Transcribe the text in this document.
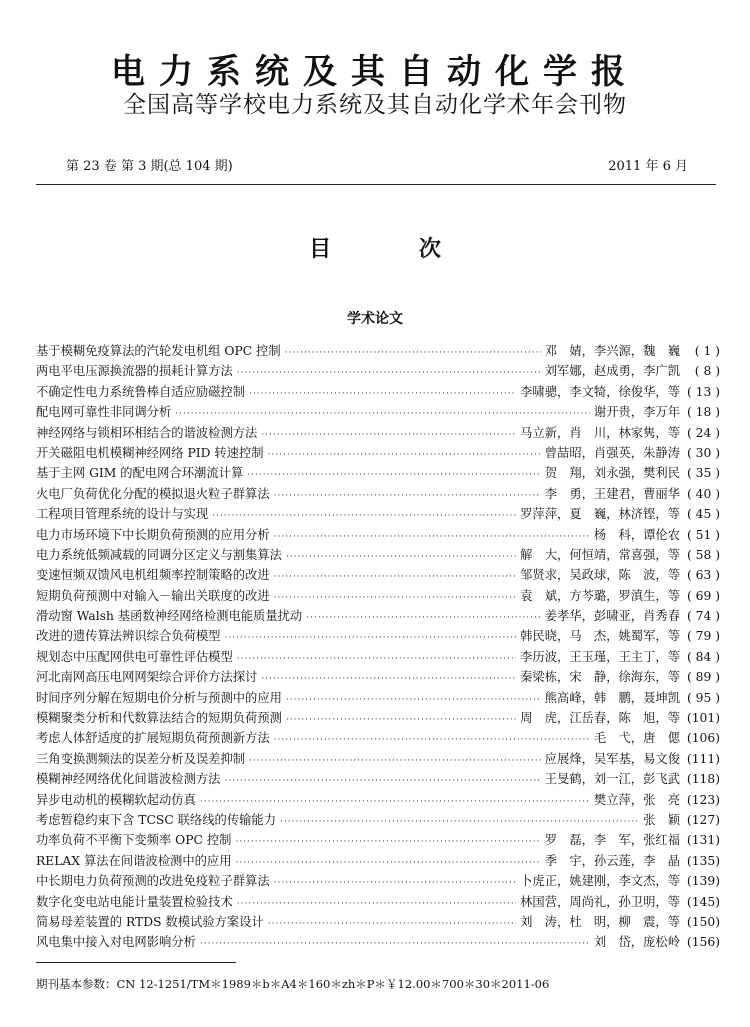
电力系统及其自动化学报
全国高等学校电力系统及其自动化学术年会刊物
第 23 卷 第 3 期(总 104 期)	2011 年 6 月
目 次
学术论文
基于模糊免疫算法的汽轮发电机组 OPC 控制 ·····	邓　婧，李兴源，魏　巍	( 1 )
两电平电压源换流器的损耗计算方法 ·····	刘军娜，赵成勇，李广凯	( 8 )
不确定性电力系统鲁棒自适应励磁控制 ·····	李啸骢，李文犄，徐俊华，等 ( 13 )
配电网可靠性非同调分析 ·····	谢开贵，李万年 ( 18 )
神经网络与锁相环相结合的谐波检测方法 ·····	马立新，肖　川，林家隽，等 ( 24 )
开关磁阻电机模糊神经网络 PID 转速控制 ·····	曾喆昭，肖强英，朱静涛 ( 30 )
基于主网 GIM 的配电网合环潮流计算 ·····	贺　翔，刘永强，樊利民 ( 35 )
火电厂负荷优化分配的模拟退火粒子群算法 ·····	李　勇，王建君，曹丽华 ( 40 )
工程项目管理系统的设计与实现 ·····	罗萍萍，夏　巍，林济铿，等 ( 45 )
电力市场环境下中长期负荷预测的应用分析 ·····	杨　科，谭伦农 ( 51 )
电力系统低频减载的同调分区定义与割集算法 ·····	解　大，何恒靖，常喜强，等 ( 58 )
变速恒频双馈风电机组频率控制策略的改进 ·····	邹贤求，吴政球，陈　波，等 ( 63 )
短期负荷预测中对输入－输出关联度的改进 ·····	袁　斌，方芩璐，罗滇生，等 ( 69 )
滑动窗 Walsh 基函数神经网络检测电能质量扰动 ·····	姜孝华，彭啸亚，肖秀春 ( 74 )
改进的遗传算法辨识综合负荷模型 ·····	韩民晓，马　杰，姚蜀军，等 ( 79 )
规划态中压配网供电可靠性评估模型 ·····	李历波，王玉瑾，王主丁，等 ( 84 )
河北南网高压电网网架综合评价方法探讨 ·····	秦梁栋，宋　静，徐海东，等 ( 89 )
时间序列分解在短期电价分析与预测中的应用 ·····	熊高峰，韩　鹏，聂坤凯 ( 95 )
模糊聚类分析和代数算法结合的短期负荷预测 ·····	周　虎，江岳春，陈　旭，等 (101)
考虑人体舒适度的扩展短期负荷预测新方法 ·····	毛　弋，唐　偲 (106)
三角变换测频法的误差分析及误差抑制 ·····	应展烽，吴军基，易文俊 (111)
模糊神经网络优化间谐波检测方法 ·····	王旻鹤，刘一江，彭飞武 (118)
异步电动机的模糊软起动仿真 ·····	樊立萍，张　亮 (123)
考虑暂稳约束下含 TCSC 联络线的传输能力 ·····	张　颖 (127)
功率负荷不平衡下变频率 OPC 控制 ·····	罗　磊，李　军，张红福 (131)
RELAX 算法在间谐波检测中的应用 ·····	季　宇，孙云莲，李　晶 (135)
中长期电力负荷预测的改进免疫粒子群算法 ·····	卜虎正，姚建刚，李文杰，等 (139)
数字化变电站电能计量装置检验技术 ·····	林国营，周尚礼，孙卫明，等 (145)
简易母差装置的 RTDS 数模试验方案设计 ·····	刘　涛，杜　明，柳　震，等 (150)
风电集中接入对电网影响分析 ·····	刘　岱，庞松岭 (156)
期刊基本参数：CN 12-1251/TM＊1989＊b＊A4＊160＊zh＊P＊￥12.00＊700＊30＊2011-06
